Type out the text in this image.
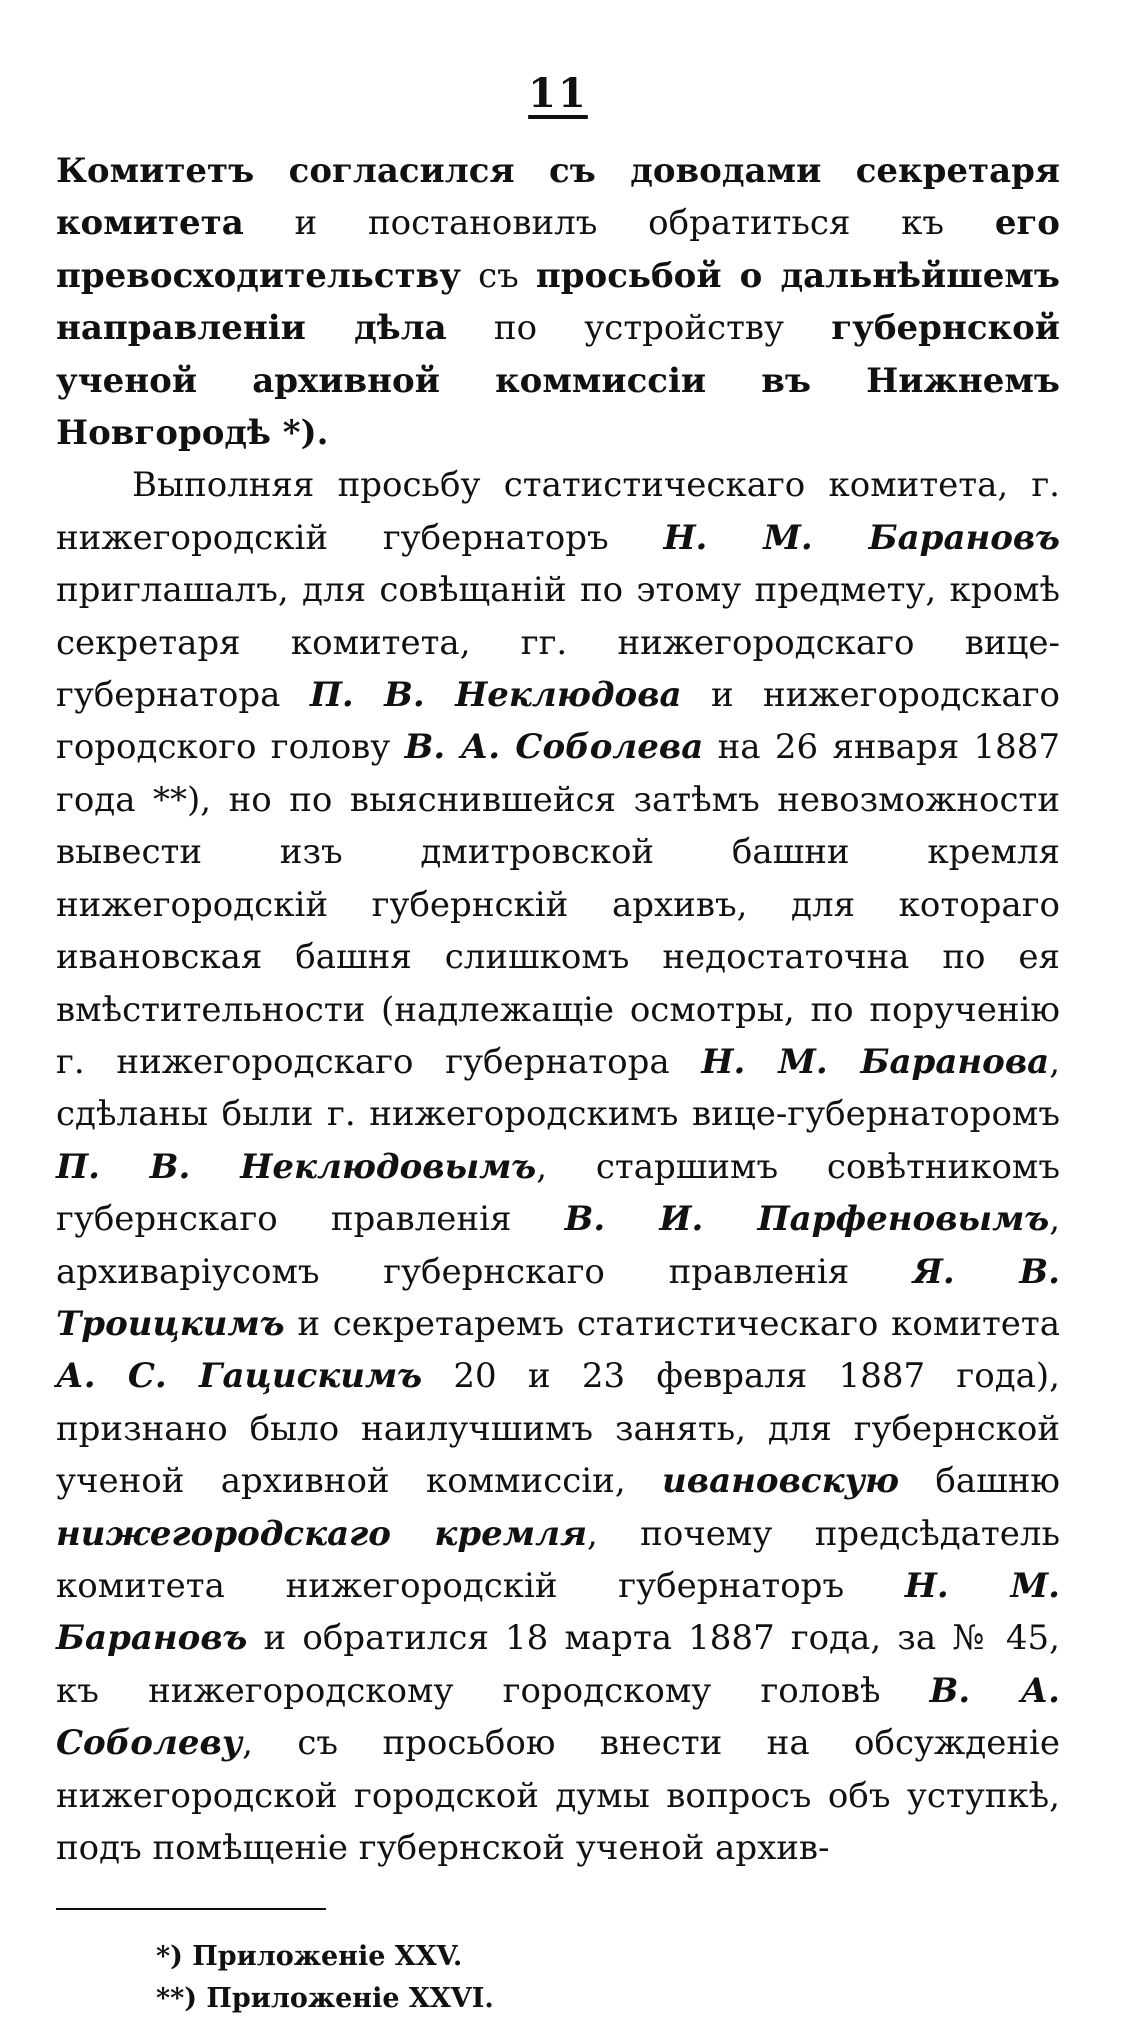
11

Комитетъ согласился съ доводами секретаря комитета и постановилъ обратиться къ его превосходительству съ просьбой о дальнѣйшемъ направленіи дѣла по устройству губернской ученой архивной коммиссіи въ Нижнемъ Новгородѣ *).

Выполняя просьбу статистическаго комитета, г. нижегородскій губернаторъ Н. М. Барановъ приглашалъ, для совѣщаній по этому предмету, кромѣ секретаря комитета, гг. нижегородскаго вице-губернатора П. В. Неклюдова и нижегородскаго городского голову В. А. Соболева на 26 января 1887 года **), но по выяснившейся затѣмъ невозможности вывести изъ дмитровской башни кремля нижегородскій губернскій архивъ, для котораго ивановская башня слишкомъ недостаточна по ея вмѣстительности (надлежащіе осмотры, по порученію г. нижегородскаго губернатора Н. М. Баранова, сдѣланы были г. нижегородскимъ вице-губернаторомъ П. В. Неклюдовымъ, старшимъ совѣтникомъ губернскаго правленія В. И. Парфеновымъ, архиваріусомъ губернскаго правленія Я. В. Троицкимъ и секретаремъ статистическаго комитета А. С. Гацискимъ 20 и 23 февраля 1887 года), признано было наилучшимъ занять, для губернской ученой архивной коммиссіи, ивановскую башню нижегородскаго кремля, почему предсѣдатель комитета нижегородскій губернаторъ Н. М. Барановъ и обратился 18 марта 1887 года, за № 45, къ нижегородскому городскому головѣ В. А. Соболеву, съ просьбою внести на обсужденіе нижегородской городской думы вопросъ объ уступкѣ, подъ помѣщеніе губернской ученой архив-

*) Приложеніе XXV.

**) Приложеніе XXVI.
